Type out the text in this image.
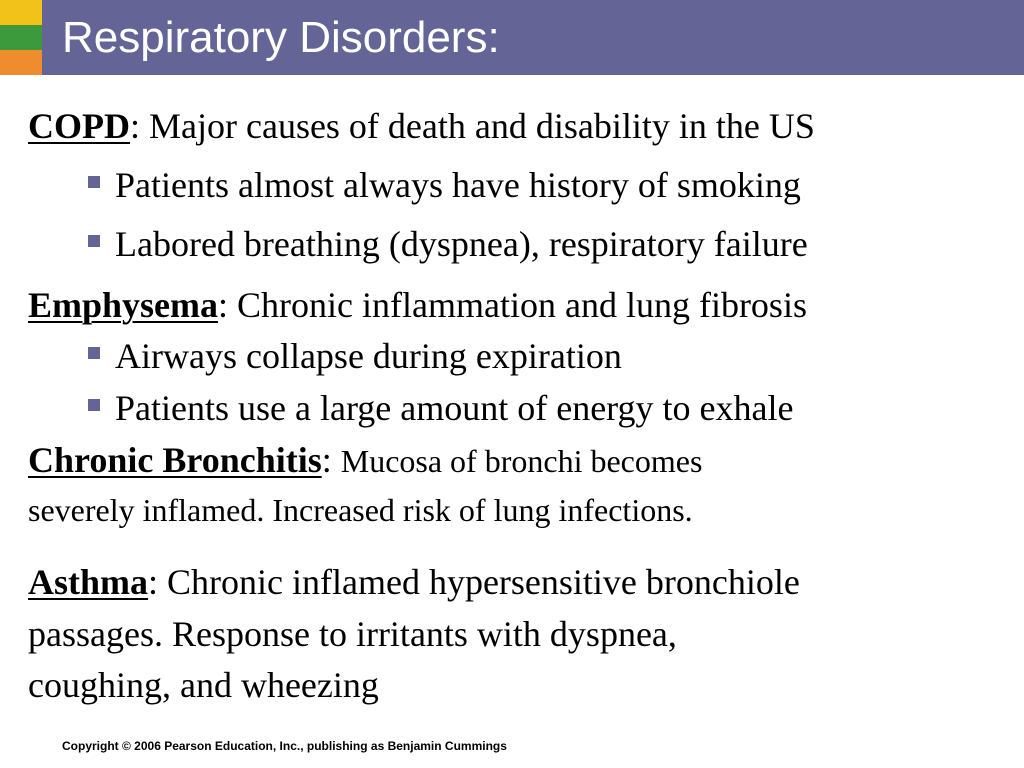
Respiratory Disorders:
COPD: Major causes of death and disability in the US
Patients almost always have history of smoking
Labored breathing (dyspnea), respiratory failure
Emphysema: Chronic inflammation and lung fibrosis
Airways collapse during expiration
Patients use a large amount of energy to exhale
Chronic Bronchitis: Mucosa of bronchi becomes
severely inflamed. Increased risk of lung infections.
Asthma: Chronic inflamed hypersensitive bronchiole
passages. Response to irritants with dyspnea,
coughing, and wheezing
Copyright © 2006 Pearson Education, Inc., publishing as Benjamin Cummings
